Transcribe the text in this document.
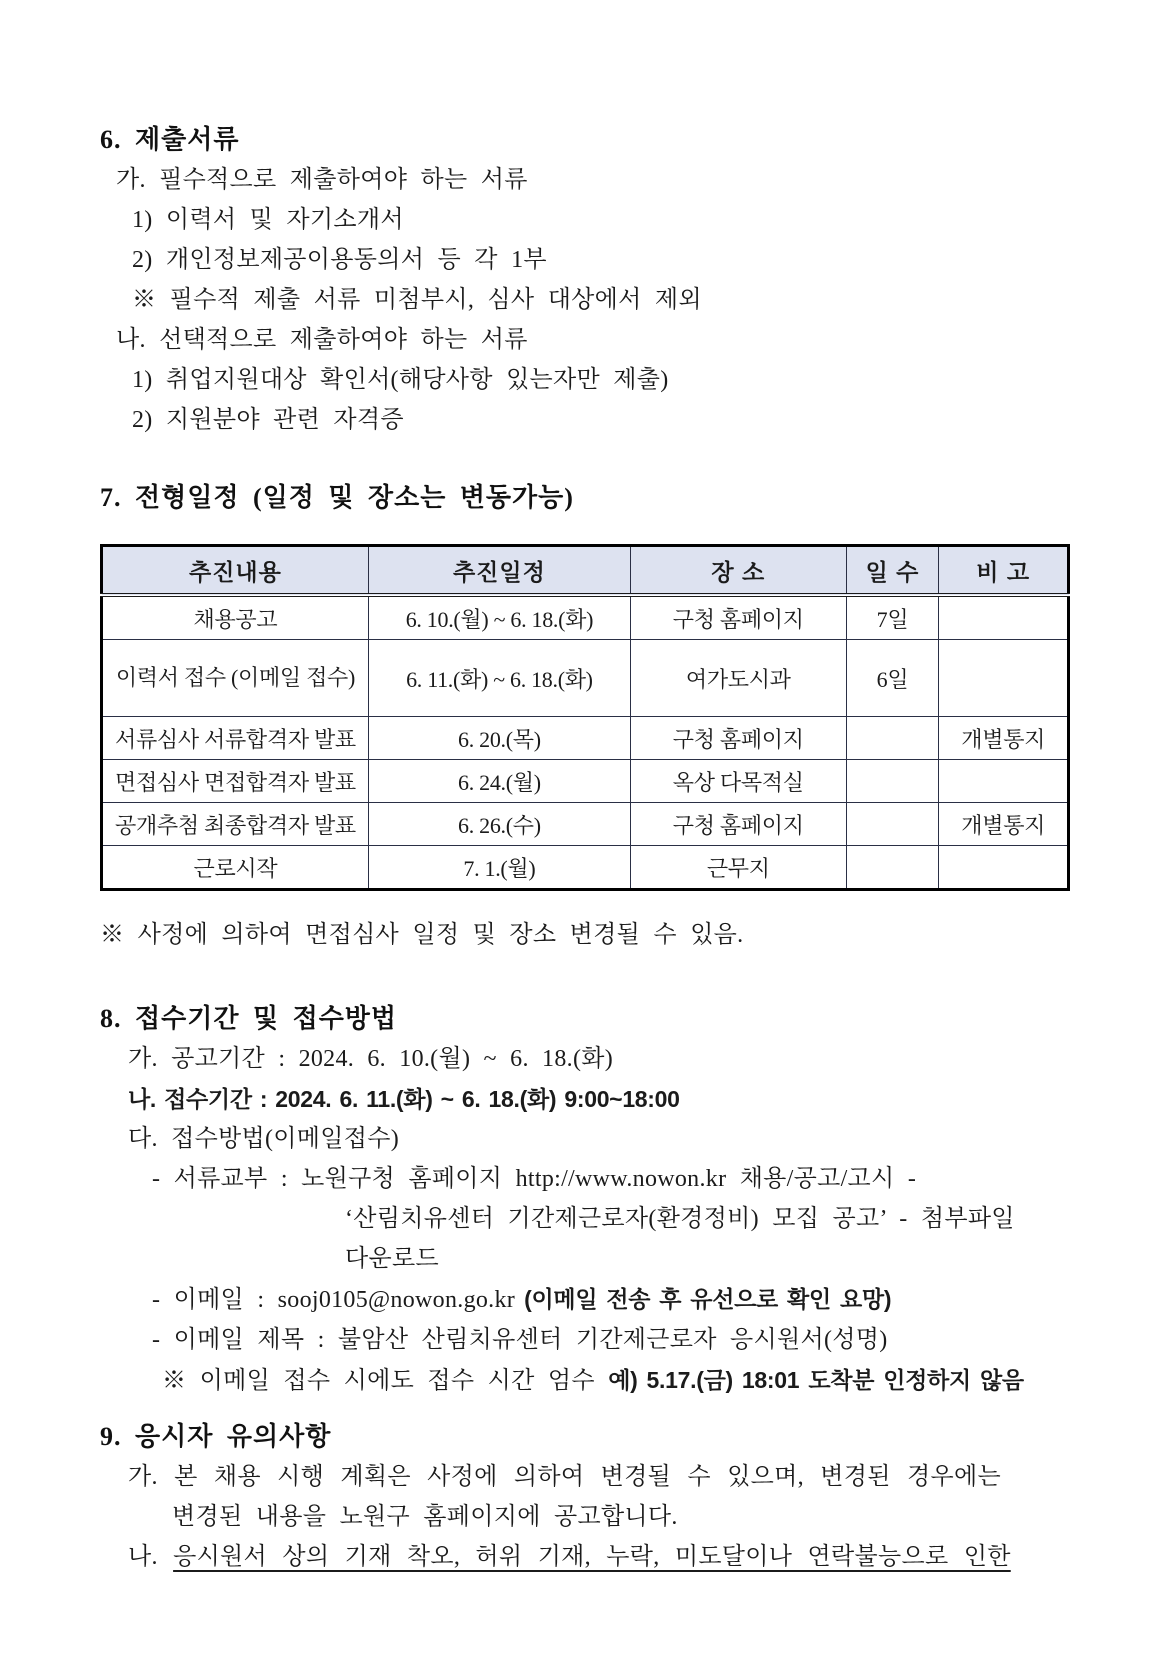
6. 제출서류
가. 필수적으로 제출하여야 하는 서류
1) 이력서 및 자기소개서
2) 개인정보제공이용동의서 등 각 1부
※ 필수적 제출 서류 미첨부시, 심사 대상에서 제외
나. 선택적으로 제출하여야 하는 서류
1) 취업지원대상 확인서(해당사항 있는자만 제출)
2) 지원분야 관련 자격증
7. 전형일정 (일정 및 장소는 변동가능)
추진내용	추진일정	장 소	일 수	비 고
채용공고	6. 10.(월) ~ 6. 18.(화)	구청 홈페이지	7일	
이력서 접수 (이메일 접수)	6. 11.(화) ~ 6. 18.(화)	여가도시과	6일	
서류심사 서류합격자 발표	6. 20.(목)	구청 홈페이지		개별통지
면접심사 면접합격자 발표	6. 24.(월)	옥상 다목적실		
공개추첨 최종합격자 발표	6. 26.(수)	구청 홈페이지		개별통지
근로시작	7. 1.(월)	근무지		
※ 사정에 의하여 면접심사 일정 및 장소 변경될 수 있음.
8. 접수기간 및 접수방법
가. 공고기간 : 2024. 6. 10.(월) ~ 6. 18.(화)
나. 접수기간 : 2024. 6. 11.(화) ~ 6. 18.(화) 9:00~18:00
다. 접수방법(이메일접수)
- 서류교부 : 노원구청 홈페이지 http://www.nowon.kr 채용/공고/고시 -
‘산림치유센터 기간제근로자(환경정비) 모집 공고’ - 첨부파일
다운로드
- 이메일 : sooj0105@nowon.go.kr (이메일 전송 후 유선으로 확인 요망)
- 이메일 제목 : 불암산 산림치유센터 기간제근로자 응시원서(성명)
※ 이메일 접수 시에도 접수 시간 엄수 예) 5.17.(금) 18:01 도착분 인정하지 않음
9. 응시자 유의사항
가. 본 채용 시행 계획은 사정에 의하여 변경될 수 있으며, 변경된 경우에는
변경된 내용을 노원구 홈페이지에 공고합니다.
나. 응시원서 상의 기재 착오, 허위 기재, 누락, 미도달이나 연락불능으로 인한
